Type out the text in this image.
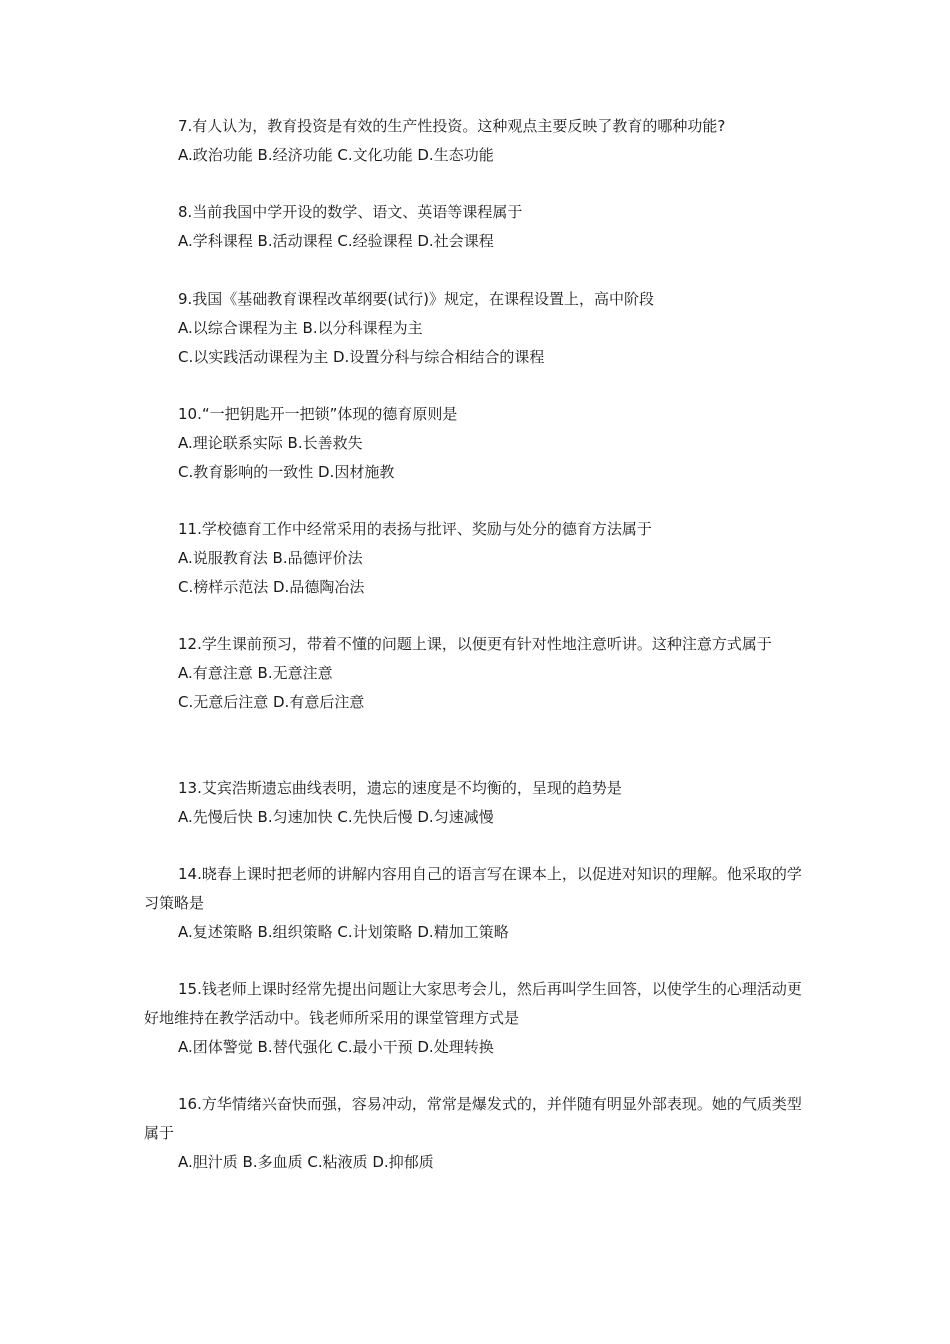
7.有人认为，教育投资是有效的生产性投资。这种观点主要反映了教育的哪种功能?

A.政治功能 B.经济功能 C.文化功能 D.生态功能

8.当前我国中学开设的数学、语文、英语等课程属于

A.学科课程 B.活动课程 C.经验课程 D.社会课程

9.我国《基础教育课程改革纲要(试行)》规定，在课程设置上，高中阶段

A.以综合课程为主 B.以分科课程为主

C.以实践活动课程为主 D.设置分科与综合相结合的课程

10.“一把钥匙开一把锁”体现的德育原则是

A.理论联系实际 B.长善救失

C.教育影响的一致性 D.因材施教

11.学校德育工作中经常采用的表扬与批评、奖励与处分的德育方法属于

A.说服教育法 B.品德评价法

C.榜样示范法 D.品德陶冶法

12.学生课前预习，带着不懂的问题上课，以便更有针对性地注意听讲。这种注意方式属于

A.有意注意 B.无意注意

C.无意后注意 D.有意后注意

13.艾宾浩斯遗忘曲线表明，遗忘的速度是不均衡的，呈现的趋势是

A.先慢后快 B.匀速加快 C.先快后慢 D.匀速减慢

14.晓春上课时把老师的讲解内容用自己的语言写在课本上，以促进对知识的理解。他采取的学习策略是

A.复述策略 B.组织策略 C.计划策略 D.精加工策略

15.钱老师上课时经常先提出问题让大家思考会儿，然后再叫学生回答，以使学生的心理活动更好地维持在教学活动中。钱老师所采用的课堂管理方式是

A.团体警觉 B.替代强化 C.最小干预 D.处理转换

16.方华情绪兴奋快而强，容易冲动，常常是爆发式的，并伴随有明显外部表现。她的气质类型属于

A.胆汁质 B.多血质 C.粘液质 D.抑郁质
